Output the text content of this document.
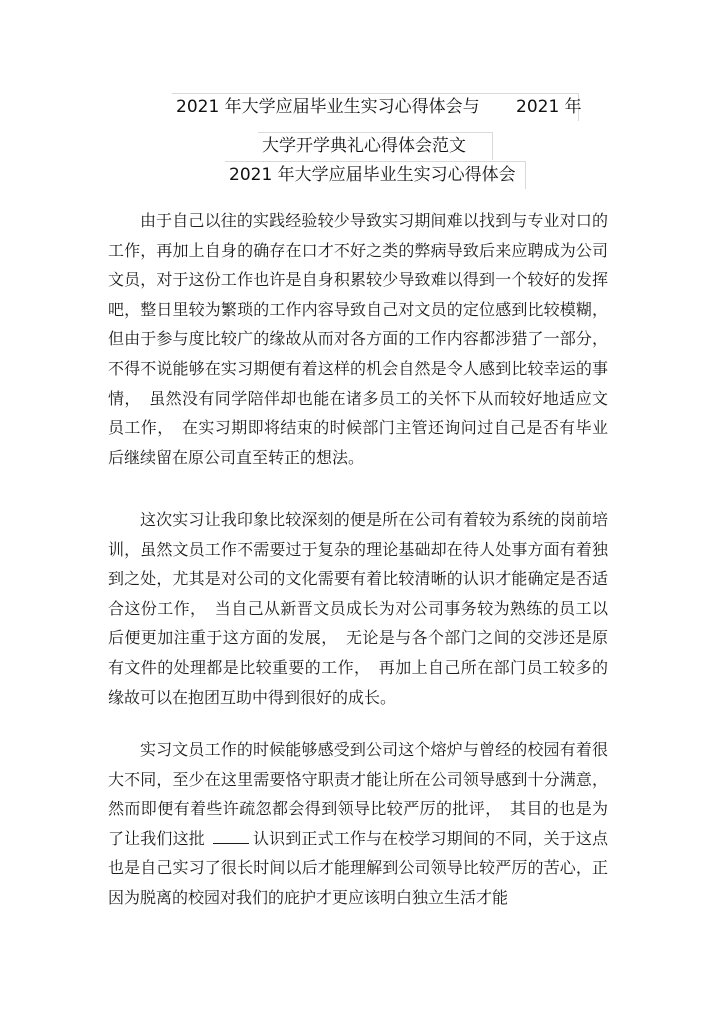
2021 年大学应届毕业生实习心得体会与 2021 年
大学开学典礼心得体会范文
2021 年大学应届毕业生实习心得体会
由于自己以往的实践经验较少导致实习期间难以找到与专业对口的工作，再加上自身的确存在口才不好之类的弊病导致后来应聘成为公司文员，对于这份工作也许是自身积累较少导致难以得到一个较好的发挥吧，整日里较为繁琐的工作内容导致自己对文员的定位感到比较模糊，但由于参与度比较广的缘故从而对各方面的工作内容都涉猎了一部分，不得不说能够在实习期便有着这样的机会自然是令人感到比较幸运的事情，　虽然没有同学陪伴却也能在诸多员工的关怀下从而较好地适应文员工作，　在实习期即将结束的时候部门主管还询问过自己是否有毕业后继续留在原公司直至转正的想法。
这次实习让我印象比较深刻的便是所在公司有着较为系统的岗前培训，虽然文员工作不需要过于复杂的理论基础却在待人处事方面有着独到之处，尤其是对公司的文化需要有着比较清晰的认识才能确定是否适合这份工作，　当自己从新晋文员成长为对公司事务较为熟练的员工以后便更加注重于这方面的发展，　无论是与各个部门之间的交涉还是原有文件的处理都是比较重要的工作，　再加上自己所在部门员工较多的缘故可以在抱团互助中得到很好的成长。
实习文员工作的时候能够感受到公司这个熔炉与曾经的校园有着很大不同，至少在这里需要恪守职责才能让所在公司领导感到十分满意，然而即便有着些许疏忽都会得到领导比较严厉的批评，　其目的也是为了让我们这批	认识到正式工作与在校学习期间的不同，关于这点也是自己实习了很长时间以后才能理解到公司领导比较严厉的苦心，正因为脱离的校园对我们的庇护才更应该明白独立生活才能
